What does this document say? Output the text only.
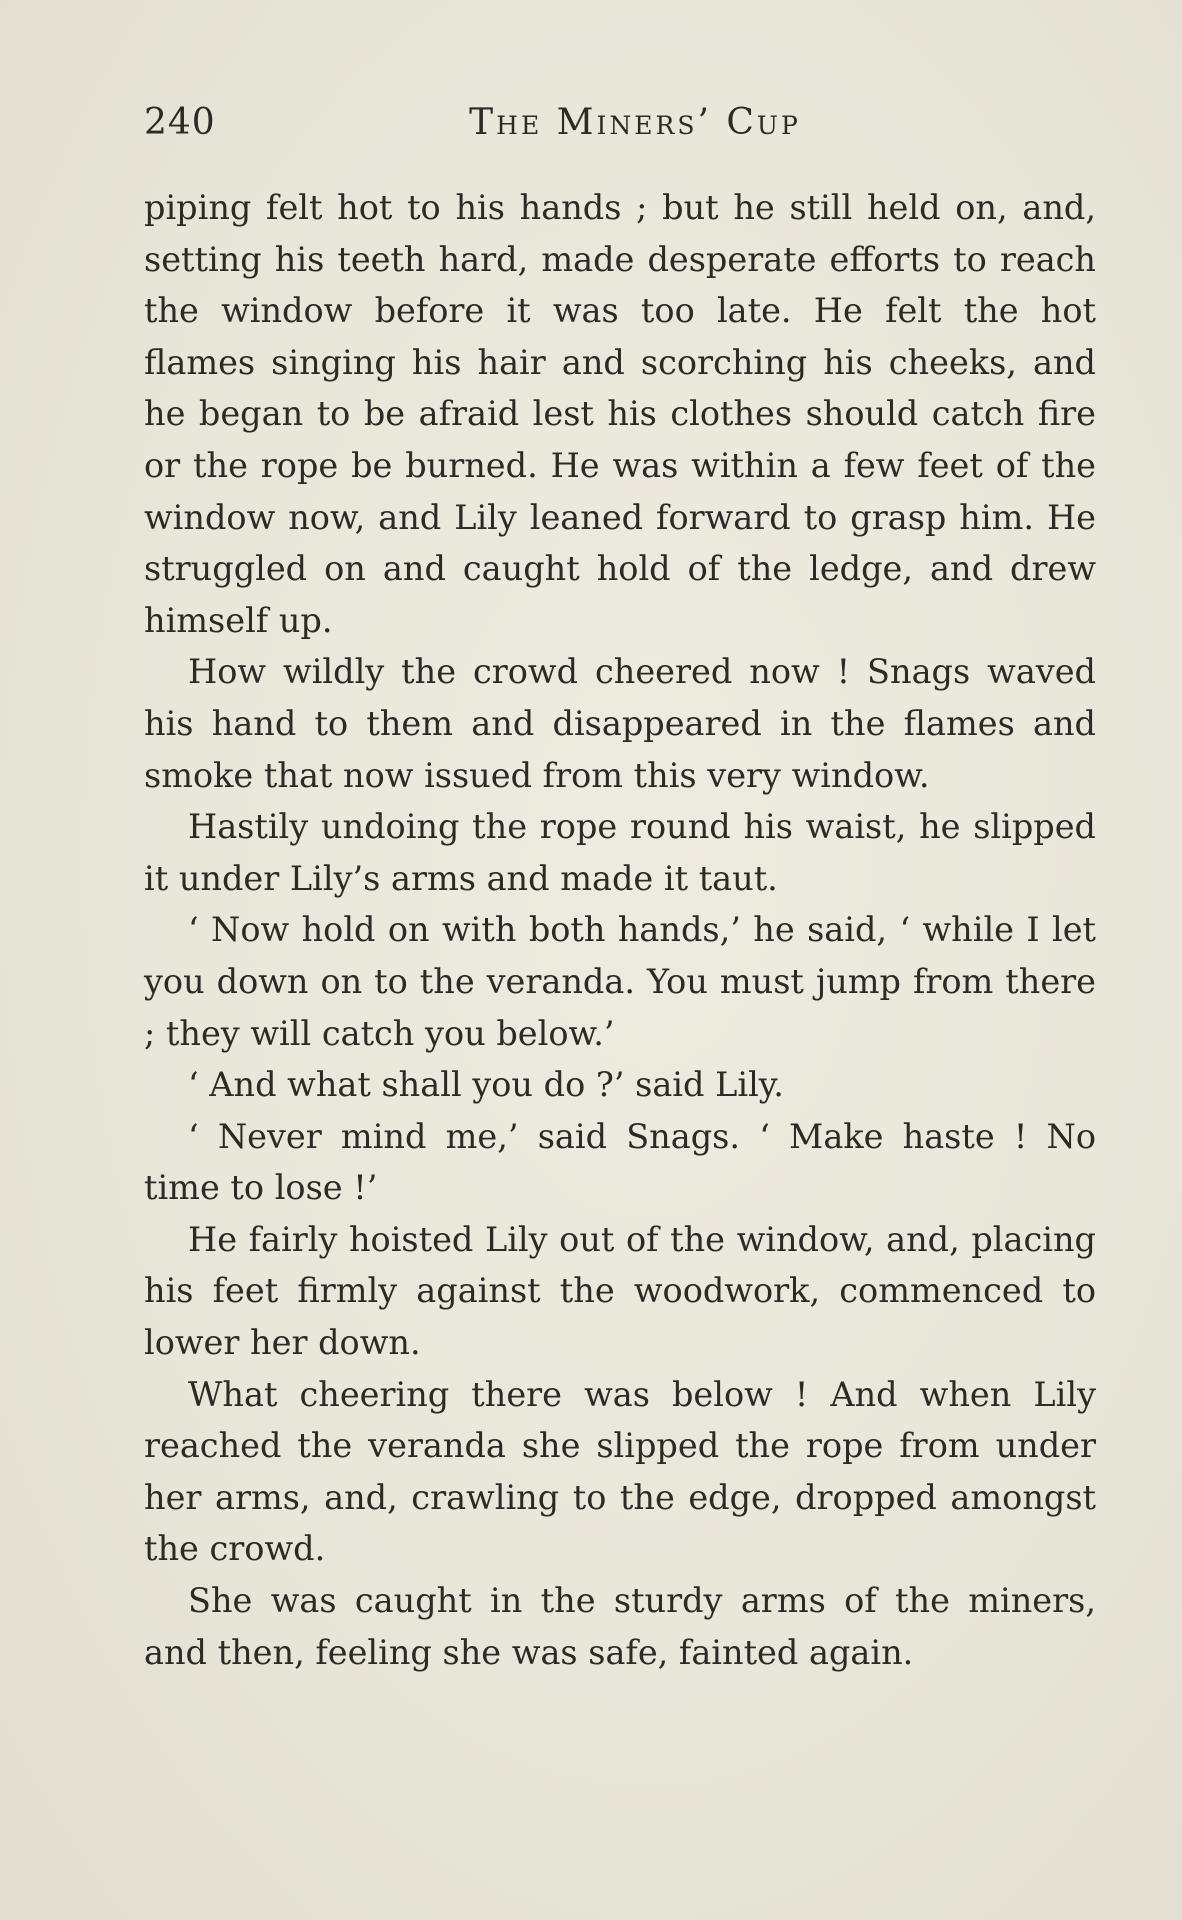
240	The Miners’ Cup

piping felt hot to his hands ; but he still held on, and, setting his teeth hard, made desperate efforts to reach the window before it was too late. He felt the hot flames singing his hair and scorching his cheeks, and he began to be afraid lest his clothes should catch fire or the rope be burned. He was within a few feet of the window now, and Lily leaned forward to grasp him. He struggled on and caught hold of the ledge, and drew himself up.

How wildly the crowd cheered now ! Snags waved his hand to them and disappeared in the flames and smoke that now issued from this very window.

Hastily undoing the rope round his waist, he slipped it under Lily’s arms and made it taut.

‘ Now hold on with both hands,’ he said, ‘ while I let you down on to the veranda. You must jump from there ; they will catch you below.’

‘ And what shall you do ?’ said Lily.

‘ Never mind me,’ said Snags. ‘ Make haste ! No time to lose !’

He fairly hoisted Lily out of the window, and, placing his feet firmly against the woodwork, commenced to lower her down.

What cheering there was below ! And when Lily reached the veranda she slipped the rope from under her arms, and, crawling to the edge, dropped amongst the crowd.

She was caught in the sturdy arms of the miners, and then, feeling she was safe, fainted again.
